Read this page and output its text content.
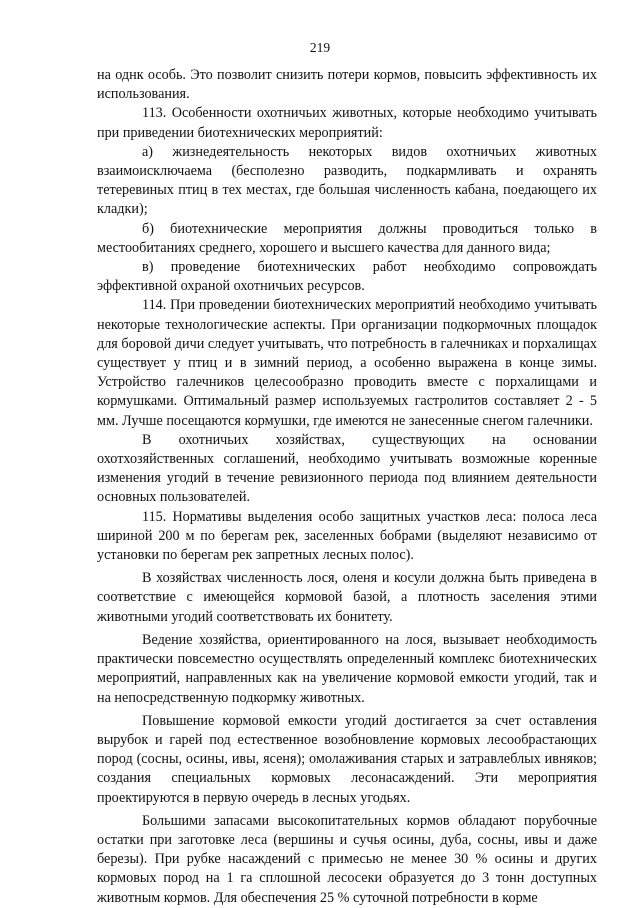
219

на однк особь. Это позволит снизить потери кормов, повысить эффективность их использования.

113. Особенности охотничьих животных, которые необходимо учитывать при приведении биотехнических мероприятий:

а) жизнедеятельность некоторых видов охотничьих животных взаимоисключаема (бесполезно разводить, подкармливать и охранять тетеревиных птиц в тех местах, где большая численность кабана, поедающего их кладки);

б) биотехнические мероприятия должны проводиться только в местообитаниях среднего, хорошего и высшего качества для данного вида;

в) проведение биотехнических работ необходимо сопровождать эффективной охраной охотничьих ресурсов.

114. При проведении биотехнических мероприятий необходимо учитывать некоторые технологические аспекты. При организации подкормочных площадок для боровой дичи следует учитывать, что потребность в галечниках и порхалищах существует у птиц и в зимний период, а особенно выражена в конце зимы. Устройство галечников целесообразно проводить вместе с порхалищами и кормушками. Оптимальный размер используемых гастролитов составляет 2 - 5 мм. Лучше посещаются кормушки, где имеются не занесенные снегом галечники.

В охотничьих хозяйствах, существующих на основании охотхозяйственных соглашений, необходимо учитывать возможные коренные изменения угодий в течение ревизионного периода под влиянием деятельности основных пользователей.

115. Нормативы выделения особо защитных участков леса: полоса леса шириной 200 м по берегам рек, заселенных бобрами (выделяют независимо от установки по берегам рек запретных лесных полос).

В хозяйствах численность лося, оленя и косули должна быть приведена в соответствие с имеющейся кормовой базой, а плотность заселения этими животными угодий соответствовать их бонитету.

Ведение хозяйства, ориентированного на лося, вызывает необходимость практически повсеместно осуществлять определенный комплекс биотехнических мероприятий, направленных как на увеличение кормовой емкости угодий, так и на непосредственную подкормку животных.

Повышение кормовой емкости угодий достигается за счет оставления вырубок и гарей под естественное возобновление кормовых лесообрастающих пород (сосны, осины, ивы, ясеня); омолаживания старых и затравлеблых ивняков; создания специальных кормовых лесонасаждений. Эти мероприятия проектируются в первую очередь в лесных угодьях.

Большими запасами высокопитательных кормов обладают порубочные остатки при заготовке леса (вершины и сучья осины, дуба, сосны, ивы и даже березы). При рубке насаждений с примесью не менее 30 % осины и других кормовых пород на 1 га сплошной лесосеки образуется до 3 тонн доступных животным кормов. Для обеспечения 25 % суточной потребности в корме
